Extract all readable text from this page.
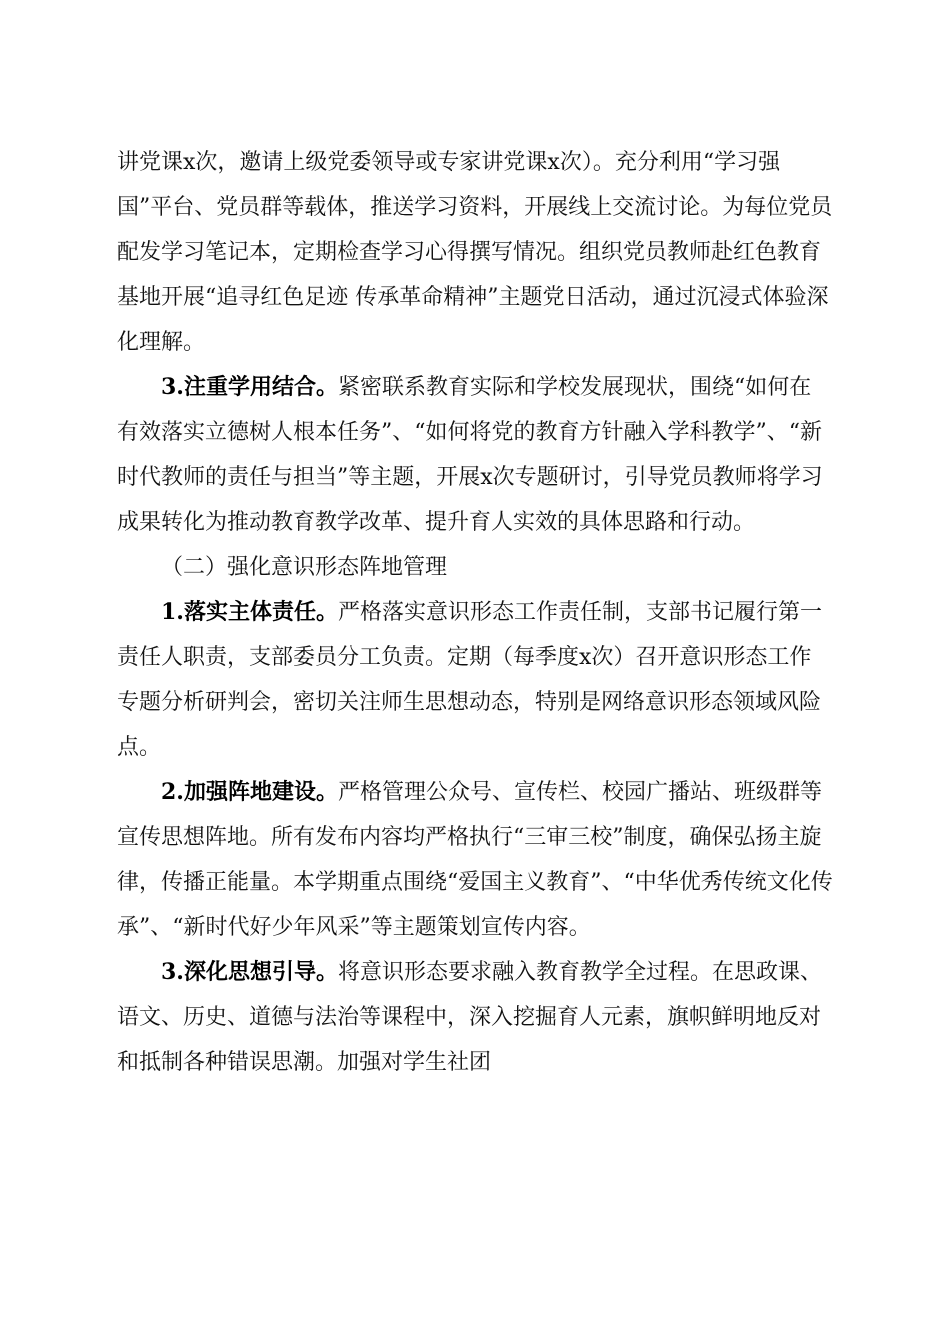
讲党课x次，邀请上级党委领导或专家讲党课x次）。充分利用“学习强国”平台、党员群等载体，推送学习资料，开展线上交流讨论。为每位党员配发学习笔记本，定期检查学习心得撰写情况。组织党员教师赴红色教育基地开展“追寻红色足迹 传承革命精神”主题党日活动，通过沉浸式体验深化理解。

3.注重学用结合。紧密联系教育实际和学校发展现状，围绕“如何在有效落实立德树人根本任务”、“如何将党的教育方针融入学科教学”、“新时代教师的责任与担当”等主题，开展x次专题研讨，引导党员教师将学习成果转化为推动教育教学改革、提升育人实效的具体思路和行动。

（二）强化意识形态阵地管理

1.落实主体责任。严格落实意识形态工作责任制，支部书记履行第一责任人职责，支部委员分工负责。定期（每季度x次）召开意识形态工作专题分析研判会，密切关注师生思想动态，特别是网络意识形态领域风险点。

2.加强阵地建设。严格管理公众号、宣传栏、校园广播站、班级群等宣传思想阵地。所有发布内容均严格执行“三审三校”制度，确保弘扬主旋律，传播正能量。本学期重点围绕“爱国主义教育”、“中华优秀传统文化传承”、“新时代好少年风采”等主题策划宣传内容。

3.深化思想引导。将意识形态要求融入教育教学全过程。在思政课、语文、历史、道德与法治等课程中，深入挖掘育人元素，旗帜鲜明地反对和抵制各种错误思潮。加强对学生社团
